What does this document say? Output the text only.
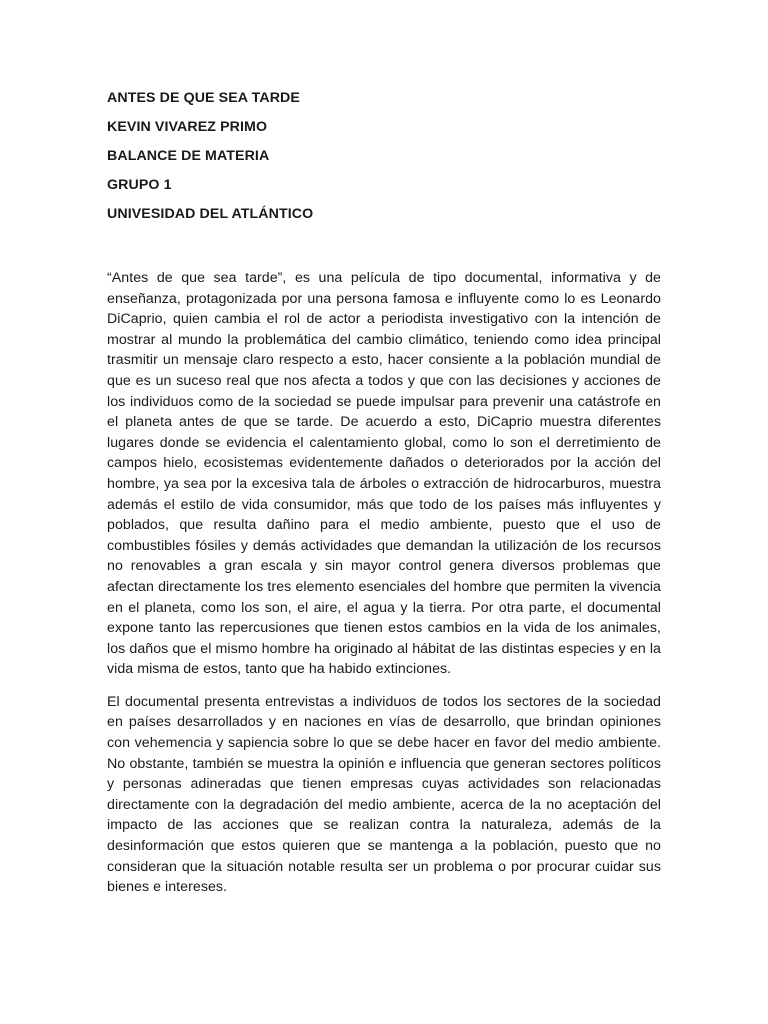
ANTES DE QUE SEA TARDE
KEVIN VIVAREZ PRIMO
BALANCE DE MATERIA
GRUPO 1
UNIVESIDAD DEL ATLÁNTICO

“Antes de que sea tarde”, es una película de tipo documental, informativa y de enseñanza, protagonizada por una persona famosa e influyente como lo es Leonardo DiCaprio, quien cambia el rol de actor a periodista investigativo con la intención de mostrar al mundo la problemática del cambio climático, teniendo como idea principal trasmitir un mensaje claro respecto a esto, hacer consiente a la población mundial de que es un suceso real que nos afecta a todos y que con las decisiones y acciones de los individuos como de la sociedad se puede impulsar para prevenir una catástrofe en el planeta antes de que se tarde. De acuerdo a esto, DiCaprio muestra diferentes lugares donde se evidencia el calentamiento global, como lo son el derretimiento de campos hielo, ecosistemas evidentemente dañados o deteriorados por la acción del hombre, ya sea por la excesiva tala de árboles o extracción de hidrocarburos, muestra además el estilo de vida consumidor, más que todo de los países más influyentes y poblados, que resulta dañino para el medio ambiente, puesto que el uso de combustibles fósiles y demás actividades que demandan la utilización de los recursos no renovables a gran escala y sin mayor control genera diversos problemas que afectan directamente los tres elemento esenciales del hombre que permiten la vivencia en el planeta, como los son, el aire, el agua y la tierra. Por otra parte, el documental expone tanto las repercusiones que tienen estos cambios en la vida de los animales, los daños que el mismo hombre ha originado al hábitat de las distintas especies y en la vida misma de estos, tanto que ha habido extinciones.

El documental presenta entrevistas a individuos de todos los sectores de la sociedad en países desarrollados y en naciones en vías de desarrollo, que brindan opiniones con vehemencia y sapiencia sobre lo que se debe hacer en favor del medio ambiente. No obstante, también se muestra la opinión e influencia que generan sectores políticos y personas adineradas que tienen empresas cuyas actividades son relacionadas directamente con la degradación del medio ambiente, acerca de la no aceptación del impacto de las acciones que se realizan contra la naturaleza, además de la desinformación que estos quieren que se mantenga a la población, puesto que no consideran que la situación notable resulta ser un problema o por procurar cuidar sus bienes e intereses.
